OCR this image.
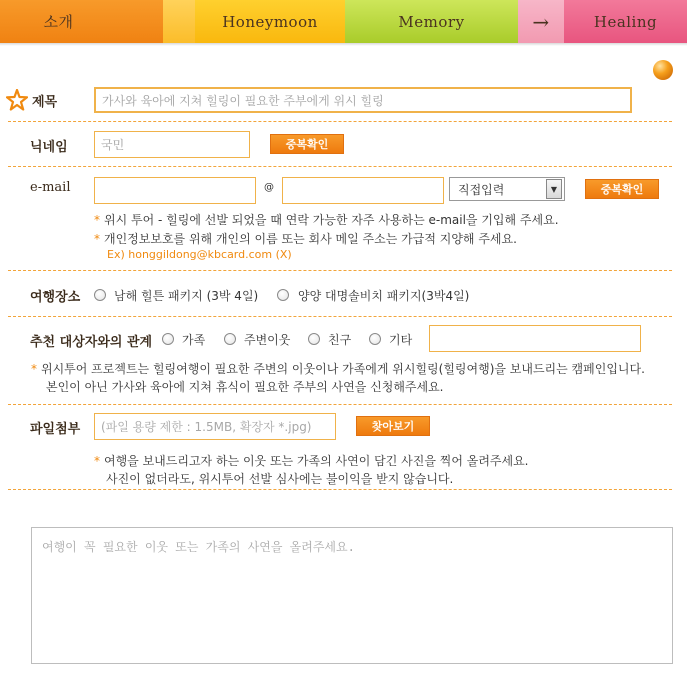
소개	Honeymoon	Memory	→	Healing
제목
가사와 육아에 지쳐 힐링이 필요한 주부에게 위시 힐링
닉네임
국민	중복확인
e-mail	@	직접입력	▼	중복확인
* 위시 투어 - 힐링에 선발 되었을 때 연락 가능한 자주 사용하는 e-mail을 기입해 주세요.
* 개인정보보호를 위해 개인의 이름 또는 회사 메일 주소는 가급적 지양해 주세요.
Ex) honggildong@kbcard.com (X)
여행장소	남해 힐튼 패키지 (3박 4일)	양양 대명솔비치 패키지(3박4일)
추천 대상자와의 관계 가족	주변이웃	친구	기타
* 위시투어 프로젝트는 힐링여행이 필요한 주변의 이웃이나 가족에게 위시힐링(힐링여행)을 보내드리는 캠페인입니다.
본인이 아닌 가사와 육아에 지쳐 휴식이 필요한 주부의 사연을 신청해주세요.
파일첨부
(파일 용량 제한 : 1.5MB, 확장자 *.jpg)	찾아보기
* 여행을 보내드리고자 하는 이웃 또는 가족의 사연이 담긴 사진을 찍어 올려주세요.
사진이 없더라도, 위시투어 선발 심사에는 불이익을 받지 않습니다.
여행이 꼭 필요한 이웃 또는 가족의 사연을 올려주세요.
